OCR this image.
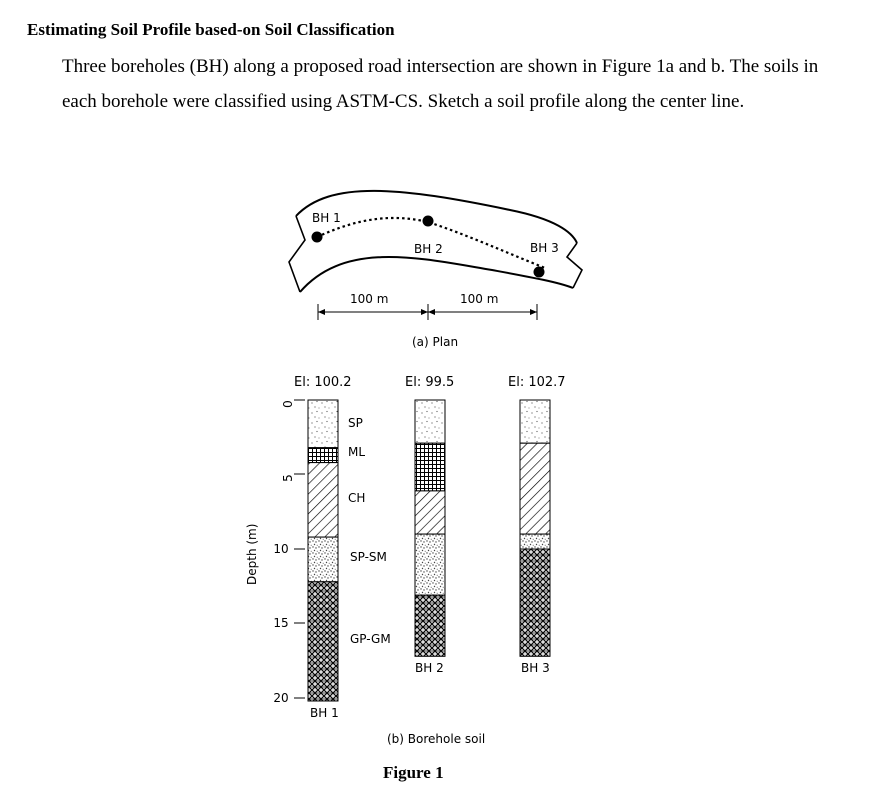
Estimating Soil Profile based-on Soil Classification

Three boreholes (BH) along a proposed road intersection are shown in Figure 1a and b. The soils in each borehole were classified using ASTM-CS. Sketch a soil profile along the center line.

BH 1
BH 2	BH 3
100 m	100 m
(a) Plan
Depth (m)
0
5
10
15
20
El: 100.2	El: 99.5	El: 102.7
SP
ML
CH
SP-SM
GP-GM
BH 1
BH 2	BH 3
(b) Borehole soil
Figure 1
